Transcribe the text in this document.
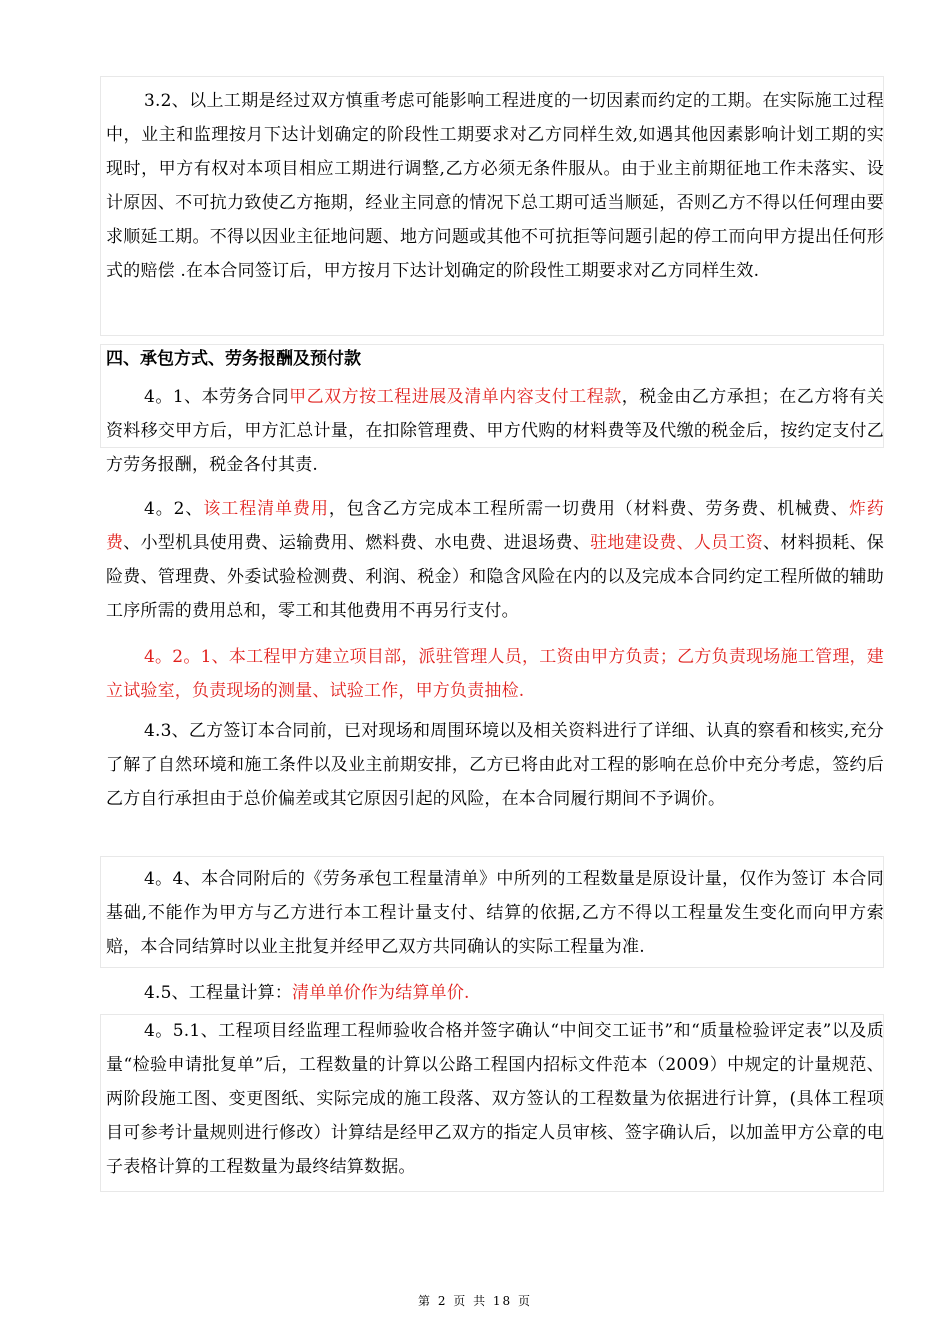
3.2、以上工期是经过双方慎重考虑可能影响工程进度的一切因素而约定的工期。在实际施工过程中，业主和监理按月下达计划确定的阶段性工期要求对乙方同样生效,如遇其他因素影响计划工期的实现时，甲方有权对本项目相应工期进行调整,乙方必须无条件服从。由于业主前期征地工作未落实、设计原因、不可抗力致使乙方拖期，经业主同意的情况下总工期可适当顺延，否则乙方不得以任何理由要求顺延工期。不得以因业主征地问题、地方问题或其他不可抗拒等问题引起的停工而向甲方提出任何形式的赔偿 .在本合同签订后，甲方按月下达计划确定的阶段性工期要求对乙方同样生效.
四、承包方式、劳务报酬及预付款
4。1、本劳务合同甲乙双方按工程进展及清单内容支付工程款，税金由乙方承担；在乙方将有关资料移交甲方后，甲方汇总计量，在扣除管理费、甲方代购的材料费等及代缴的税金后，按约定支付乙方劳务报酬，税金各付其责.
4。2、该工程清单费用，包含乙方完成本工程所需一切费用（材料费、劳务费、机械费、炸药费、小型机具使用费、运输费用、燃料费、水电费、进退场费、驻地建设费、人员工资、材料损耗、保险费、管理费、外委试验检测费、利润、税金）和隐含风险在内的以及完成本合同约定工程所做的辅助工序所需的费用总和，零工和其他费用不再另行支付。
4。2。1、本工程甲方建立项目部，派驻管理人员，工资由甲方负责；乙方负责现场施工管理，建立试验室，负责现场的测量、试验工作，甲方负责抽检.
4.3、乙方签订本合同前，已对现场和周围环境以及相关资料进行了详细、认真的察看和核实,充分了解了自然环境和施工条件以及业主前期安排，乙方已将由此对工程的影响在总价中充分考虑，签约后乙方自行承担由于总价偏差或其它原因引起的风险，在本合同履行期间不予调价。
4。4、本合同附后的《劳务承包工程量清单》中所列的工程数量是原设计量，仅作为签订 本合同基础,不能作为甲方与乙方进行本工程计量支付、结算的依据,乙方不得以工程量发生变化而向甲方索赔，本合同结算时以业主批复并经甲乙双方共同确认的实际工程量为准.
4.5、工程量计算：清单单价作为结算单价.
4。5.1、工程项目经监理工程师验收合格并签字确认“中间交工证书”和“质量检验评定表”以及质量“检验申请批复单”后，工程数量的计算以公路工程国内招标文件范本（2009）中规定的计量规范、两阶段施工图、变更图纸、实际完成的施工段落、双方签认的工程数量为依据进行计算，(具体工程项目可参考计量规则进行修改）计算结是经甲乙双方的指定人员审核、签字确认后，以加盖甲方公章的电子表格计算的工程数量为最终结算数据。
第 2 页 共 18 页
